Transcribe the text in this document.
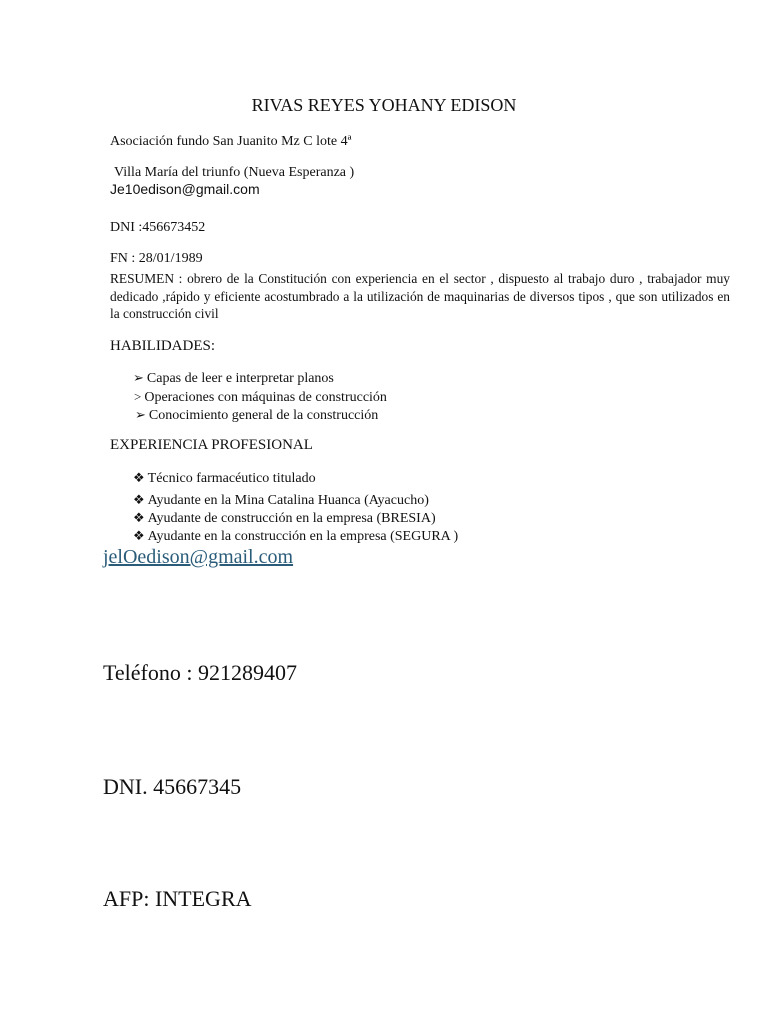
RIVAS REYES YOHANY EDISON
Asociación fundo San Juanito Mz C lote 4ª
Villa María del triunfo (Nueva Esperanza )
Je10edison@gmail.com
DNI :456673452
FN : 28/01/1989
RESUMEN : obrero de la Constitución con experiencia en el sector , dispuesto al trabajo duro , trabajador muy dedicado ,rápido y eficiente acostumbrado a la utilización de maquinarias de diversos tipos , que son utilizados en la construcción civil
HABILIDADES:
➢ Capas de leer e interpretar planos
> Operaciones con máquinas de construcción
➢ Conocimiento general de la construcción
EXPERIENCIA PROFESIONAL
❖ Técnico farmacéutico titulado
❖ Ayudante en la Mina Catalina Huanca (Ayacucho)
❖ Ayudante de construcción en la empresa (BRESIA)
❖ Ayudante en la construcción en la empresa (SEGURA )
jelOedison@gmail.com
Teléfono : 921289407
DNI. 45667345
AFP: INTEGRA
